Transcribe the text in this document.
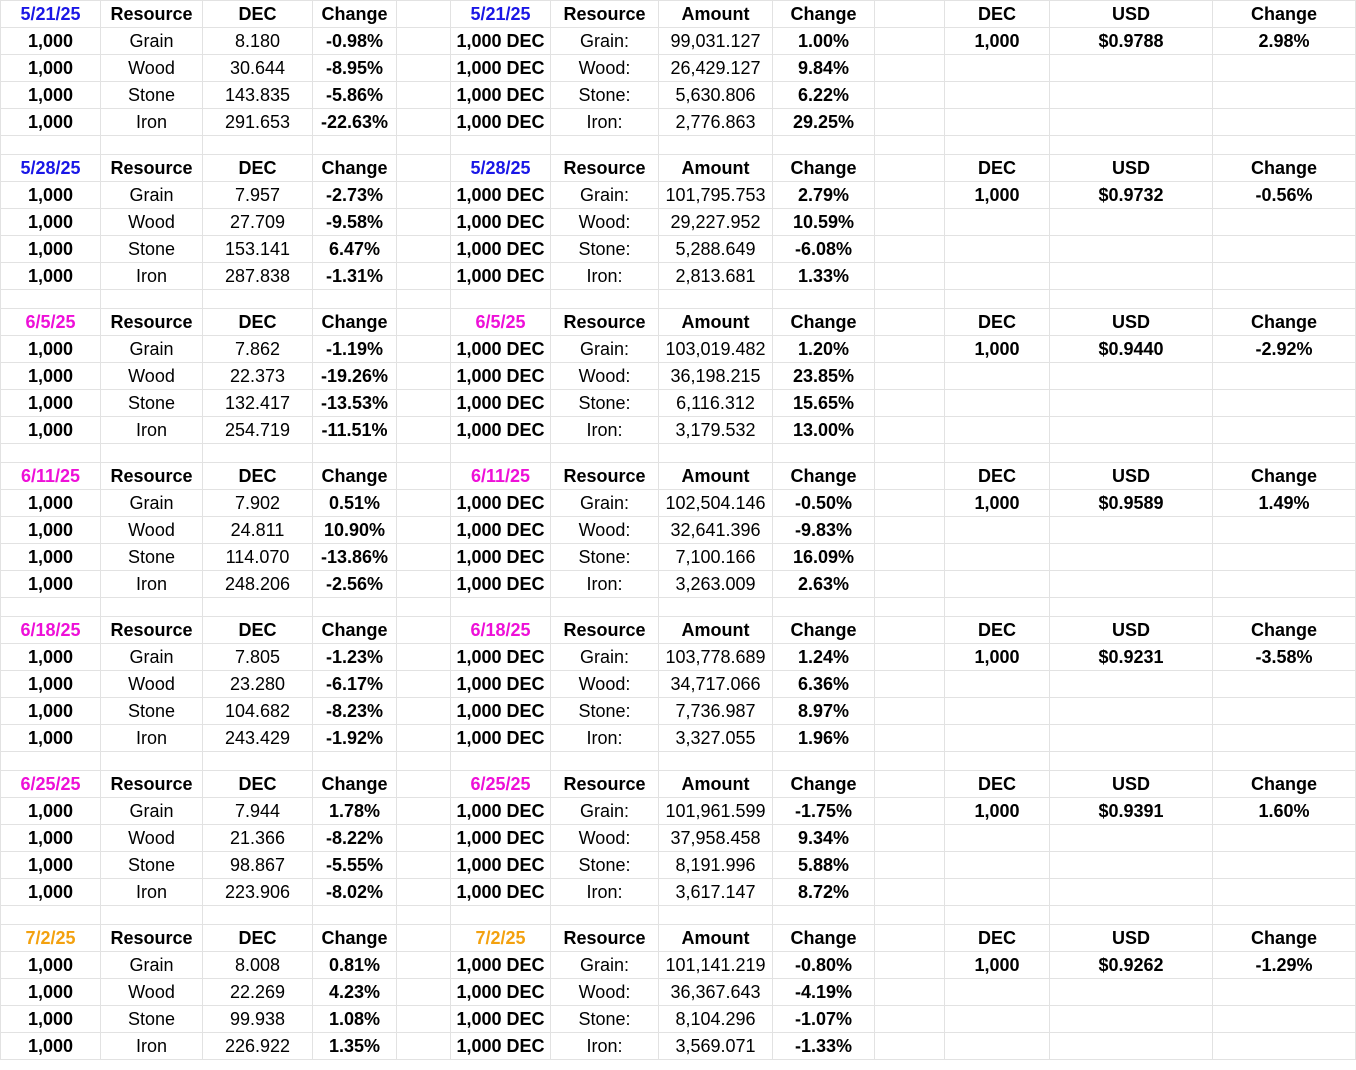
5/21/25	Resource	DEC	Change		5/21/25	Resource	Amount	Change		DEC	USD	Change
1,000	Grain	8.180	-0.98%		1,000 DEC	Grain:	99,031.127	1.00%		1,000	$0.9788	2.98%
1,000	Wood	30.644	-8.95%		1,000 DEC	Wood:	26,429.127	9.84%				
1,000	Stone	143.835	-5.86%		1,000 DEC	Stone:	5,630.806	6.22%				
1,000	Iron	291.653	-22.63%		1,000 DEC	Iron:	2,776.863	29.25%				

5/28/25	Resource	DEC	Change		5/28/25	Resource	Amount	Change		DEC	USD	Change
1,000	Grain	7.957	-2.73%		1,000 DEC	Grain:	101,795.753	2.79%		1,000	$0.9732	-0.56%
1,000	Wood	27.709	-9.58%		1,000 DEC	Wood:	29,227.952	10.59%				
1,000	Stone	153.141	6.47%		1,000 DEC	Stone:	5,288.649	-6.08%				
1,000	Iron	287.838	-1.31%		1,000 DEC	Iron:	2,813.681	1.33%				

6/5/25	Resource	DEC	Change		6/5/25	Resource	Amount	Change		DEC	USD	Change
1,000	Grain	7.862	-1.19%		1,000 DEC	Grain:	103,019.482	1.20%		1,000	$0.9440	-2.92%
1,000	Wood	22.373	-19.26%		1,000 DEC	Wood:	36,198.215	23.85%				
1,000	Stone	132.417	-13.53%		1,000 DEC	Stone:	6,116.312	15.65%				
1,000	Iron	254.719	-11.51%		1,000 DEC	Iron:	3,179.532	13.00%				

6/11/25	Resource	DEC	Change		6/11/25	Resource	Amount	Change		DEC	USD	Change
1,000	Grain	7.902	0.51%		1,000 DEC	Grain:	102,504.146	-0.50%		1,000	$0.9589	1.49%
1,000	Wood	24.811	10.90%		1,000 DEC	Wood:	32,641.396	-9.83%				
1,000	Stone	114.070	-13.86%		1,000 DEC	Stone:	7,100.166	16.09%				
1,000	Iron	248.206	-2.56%		1,000 DEC	Iron:	3,263.009	2.63%				

6/18/25	Resource	DEC	Change		6/18/25	Resource	Amount	Change		DEC	USD	Change
1,000	Grain	7.805	-1.23%		1,000 DEC	Grain:	103,778.689	1.24%		1,000	$0.9231	-3.58%
1,000	Wood	23.280	-6.17%		1,000 DEC	Wood:	34,717.066	6.36%				
1,000	Stone	104.682	-8.23%		1,000 DEC	Stone:	7,736.987	8.97%				
1,000	Iron	243.429	-1.92%		1,000 DEC	Iron:	3,327.055	1.96%				

6/25/25	Resource	DEC	Change		6/25/25	Resource	Amount	Change		DEC	USD	Change
1,000	Grain	7.944	1.78%		1,000 DEC	Grain:	101,961.599	-1.75%		1,000	$0.9391	1.60%
1,000	Wood	21.366	-8.22%		1,000 DEC	Wood:	37,958.458	9.34%				
1,000	Stone	98.867	-5.55%		1,000 DEC	Stone:	8,191.996	5.88%				
1,000	Iron	223.906	-8.02%		1,000 DEC	Iron:	3,617.147	8.72%				

7/2/25	Resource	DEC	Change		7/2/25	Resource	Amount	Change		DEC	USD	Change
1,000	Grain	8.008	0.81%		1,000 DEC	Grain:	101,141.219	-0.80%		1,000	$0.9262	-1.29%
1,000	Wood	22.269	4.23%		1,000 DEC	Wood:	36,367.643	-4.19%				
1,000	Stone	99.938	1.08%		1,000 DEC	Stone:	8,104.296	-1.07%				
1,000	Iron	226.922	1.35%		1,000 DEC	Iron:	3,569.071	-1.33%				
